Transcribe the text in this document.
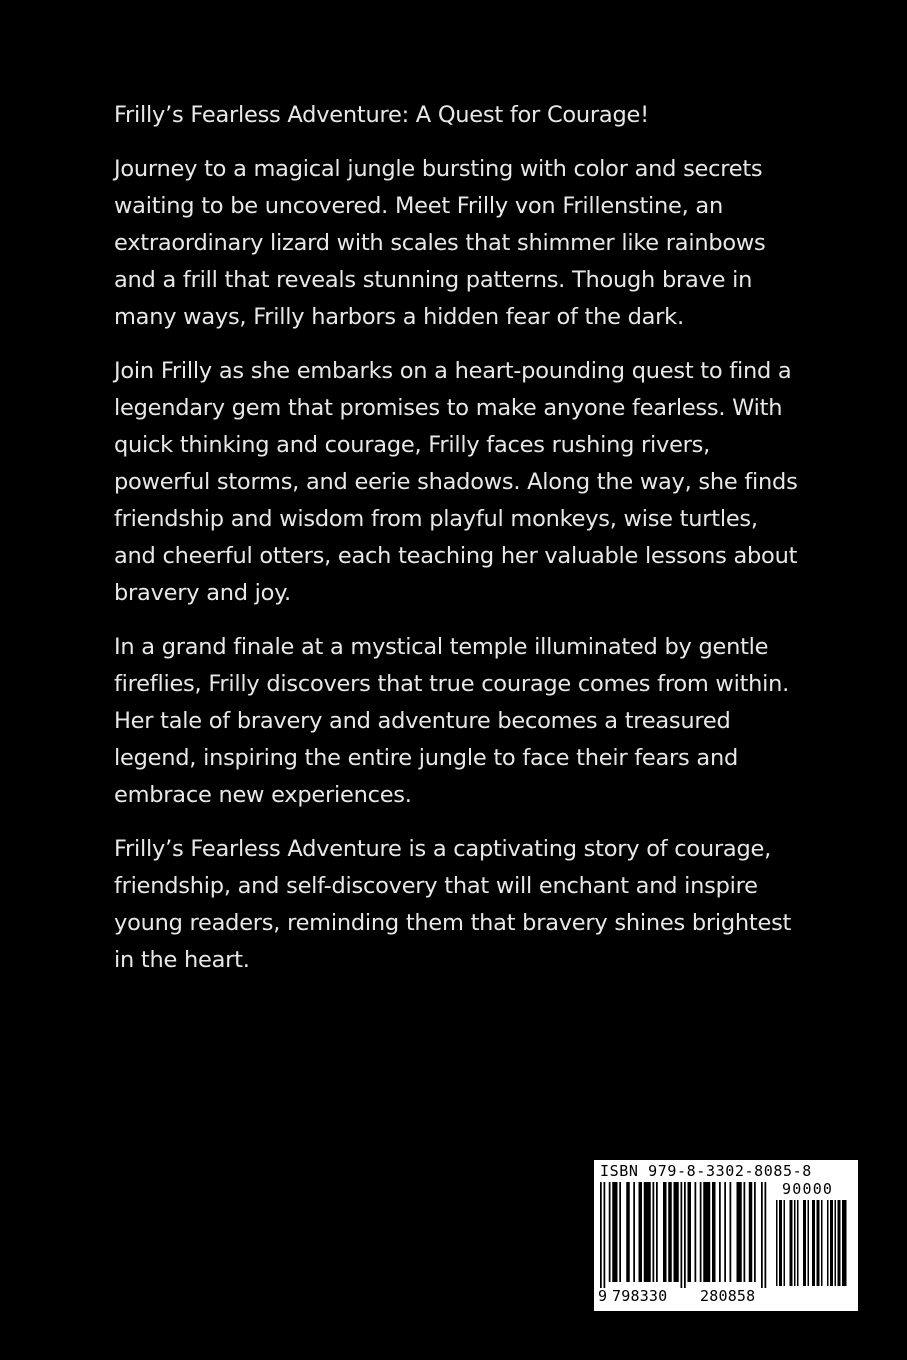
Frilly’s Fearless Adventure: A Quest for Courage!

Journey to a magical jungle bursting with color and secrets waiting to be uncovered. Meet Frilly von Frillenstine, an extraordinary lizard with scales that shimmer like rainbows and a frill that reveals stunning patterns. Though brave in many ways, Frilly harbors a hidden fear of the dark.

Join Frilly as she embarks on a heart-pounding quest to find a legendary gem that promises to make anyone fearless. With quick thinking and courage, Frilly faces rushing rivers, powerful storms, and eerie shadows. Along the way, she finds friendship and wisdom from playful monkeys, wise turtles, and cheerful otters, each teaching her valuable lessons about bravery and joy.

In a grand finale at a mystical temple illuminated by gentle fireflies, Frilly discovers that true courage comes from within. Her tale of bravery and adventure becomes a treasured legend, inspiring the entire jungle to face their fears and embrace new experiences.

Frilly’s Fearless Adventure is a captivating story of courage, friendship, and self-discovery that will enchant and inspire young readers, reminding them that bravery shines brightest in the heart.

ISBN 979-8-3302-8085-8
90000
9 798330 280858
